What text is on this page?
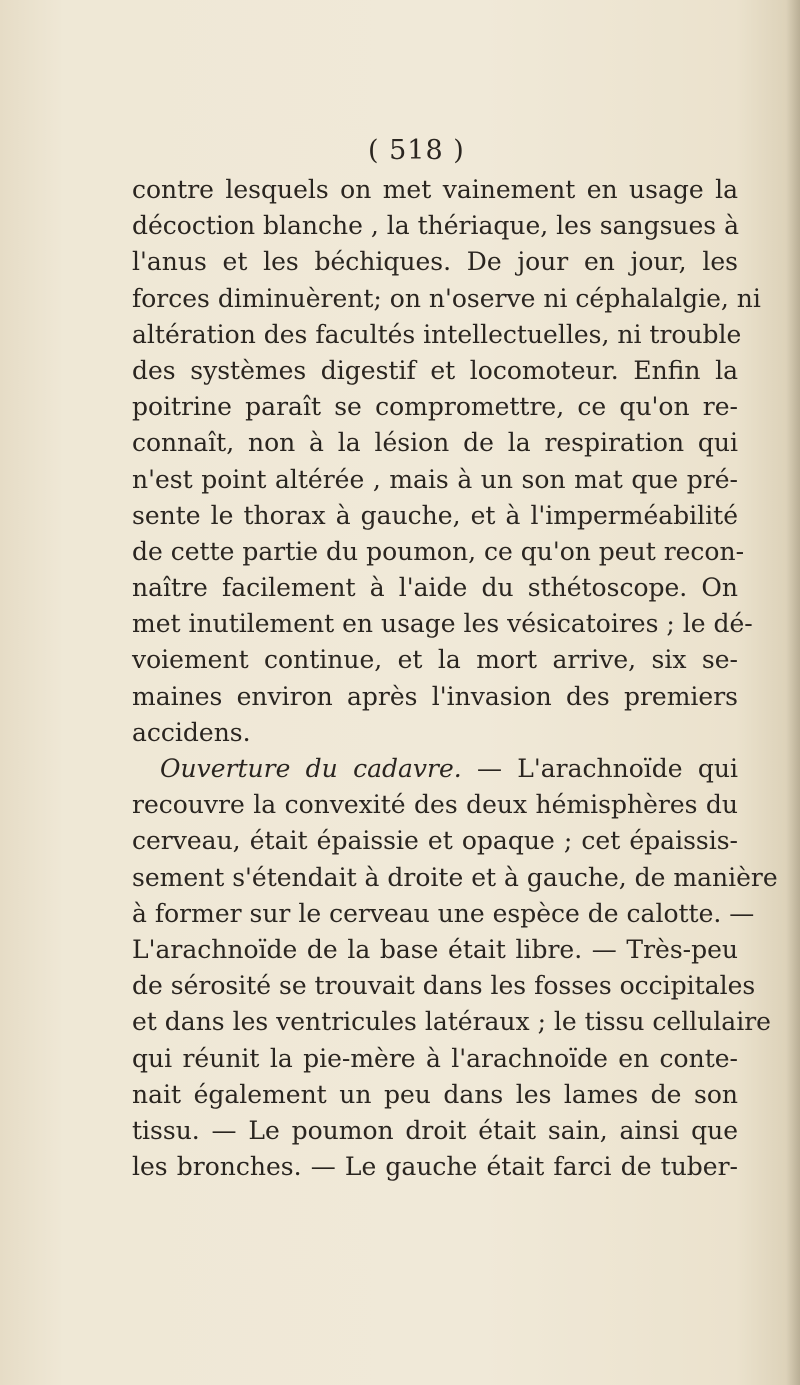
( 518 )
contre lesquels on met vainement en usage la
décoction blanche , la thériaque, les sangsues à
l'anus et les béchiques. De jour en jour, les
forces diminuèrent; on n'oserve ni céphalalgie, ni
altération des facultés intellectuelles, ni trouble
des systèmes digestif et locomoteur. Enfin la
poitrine paraît se compromettre, ce qu'on re-
connaît, non à la lésion de la respiration qui
n'est point altérée , mais à un son mat que pré-
sente le thorax à gauche, et à l'imperméabilité
de cette partie du poumon, ce qu'on peut recon-
naître facilement à l'aide du sthétoscope. On
met inutilement en usage les vésicatoires ; le dé-
voiement continue, et la mort arrive, six se-
maines environ après l'invasion des premiers
accidens.
Ouverture du cadavre. — L'arachnoïde qui
recouvre la convexité des deux hémisphères du
cerveau, était épaissie et opaque ; cet épaissis-
sement s'étendait à droite et à gauche, de manière
à former sur le cerveau une espèce de calotte. —
L'arachnoïde de la base était libre. — Très-peu
de sérosité se trouvait dans les fosses occipitales
et dans les ventricules latéraux ; le tissu cellulaire
qui réunit la pie-mère à l'arachnoïde en conte-
nait également un peu dans les lames de son
tissu. — Le poumon droit était sain, ainsi que
les bronches. — Le gauche était farci de tuber-
